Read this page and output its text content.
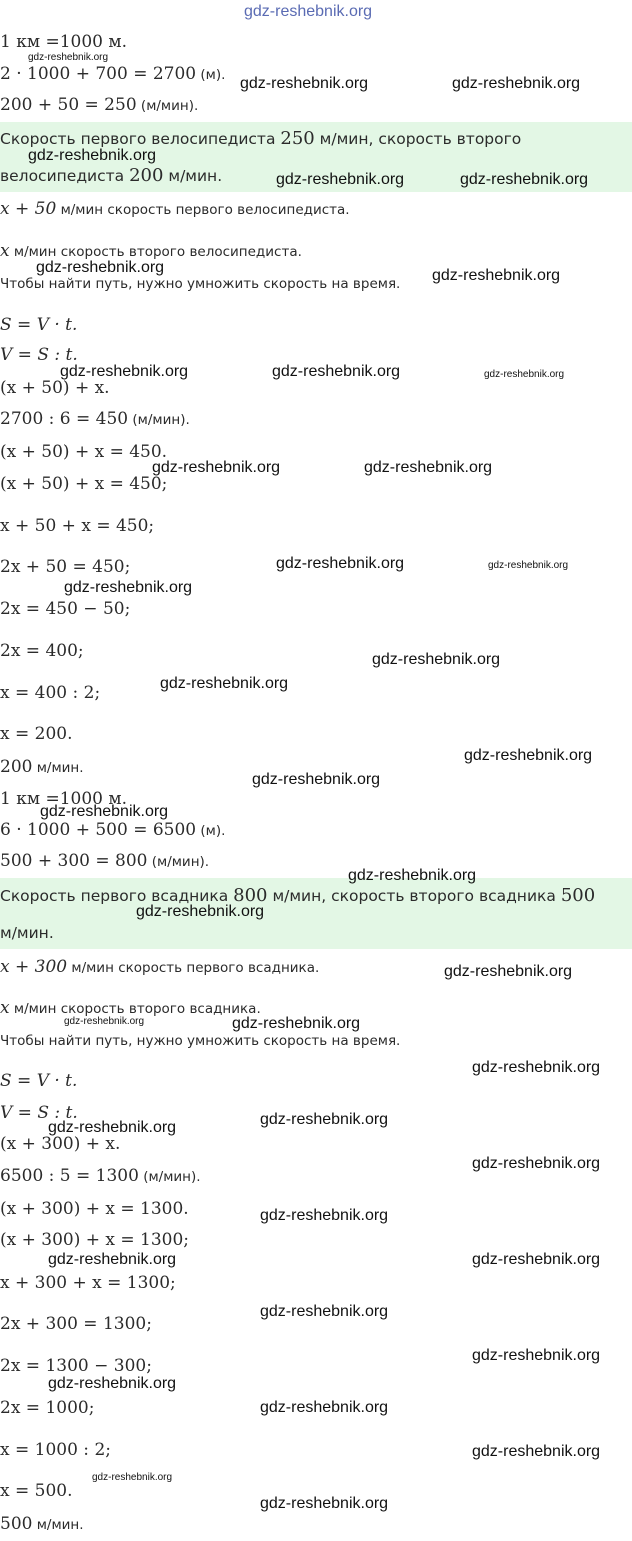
1 км =1000 м.
2 · 1000 + 700 = 2700 (м).
200 + 50 = 250 (м/мин).
Скорость первого велосипедиста 250 м/мин, скорость второго
велосипедиста 200 м/мин.
x + 50 м/мин скорость первого велосипедиста.
x м/мин скорость второго велосипедиста.
Чтобы найти путь, нужно умножить скорость на время.
S = V · t.
V = S : t.
(x + 50) + x.
2700 : 6 = 450 (м/мин).
(x + 50) + x = 450.
(x + 50) + x = 450;
x + 50 + x = 450;
2x + 50 = 450;
2x = 450 − 50;
2x = 400;
x = 400 : 2;
x = 200.
200 м/мин.
1 км =1000 м.
6 · 1000 + 500 = 6500 (м).
500 + 300 = 800 (м/мин).
Скорость первого всадника 800 м/мин, скорость второго всадника 500
м/мин.
x + 300 м/мин скорость первого всадника.
x м/мин скорость второго всадника.
Чтобы найти путь, нужно умножить скорость на время.
S = V · t.
V = S : t.
(x + 300) + x.
6500 : 5 = 1300 (м/мин).
(x + 300) + x = 1300.
(x + 300) + x = 1300;
x + 300 + x = 1300;
2x + 300 = 1300;
2x = 1300 − 300;
2x = 1000;
x = 1000 : 2;
x = 500.
500 м/мин.
gdz-reshebnik.org
gdz-reshebnik.org
gdz-reshebnik.org	gdz-reshebnik.org
gdz-reshebnik.org
gdz-reshebnik.org	gdz-reshebnik.org
gdz-reshebnik.org	gdz-reshebnik.org
gdz-reshebnik.org	gdz-reshebnik.org	gdz-reshebnik.org
gdz-reshebnik.org	gdz-reshebnik.org
gdz-reshebnik.org	gdz-reshebnik.org
gdz-reshebnik.org
gdz-reshebnik.org
gdz-reshebnik.org
gdz-reshebnik.org
gdz-reshebnik.org
gdz-reshebnik.org
gdz-reshebnik.org
gdz-reshebnik.org
gdz-reshebnik.org
gdz-reshebnik.org	gdz-reshebnik.org
gdz-reshebnik.org
gdz-reshebnik.org
gdz-reshebnik.org
gdz-reshebnik.org
gdz-reshebnik.org
gdz-reshebnik.org	gdz-reshebnik.org
gdz-reshebnik.org
gdz-reshebnik.org
gdz-reshebnik.org
gdz-reshebnik.org
gdz-reshebnik.org
gdz-reshebnik.org
gdz-reshebnik.org
